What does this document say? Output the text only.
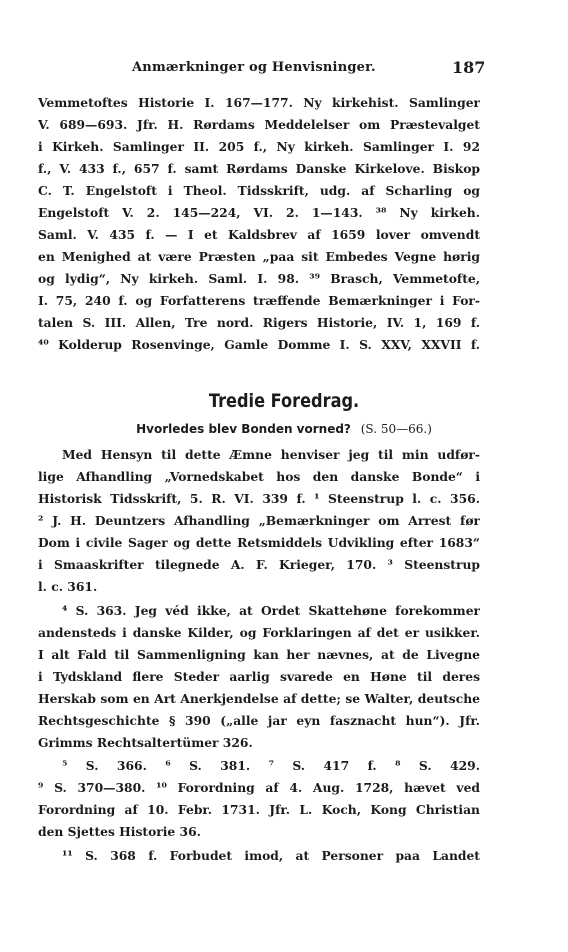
Anmærkninger og Henvisninger.	187
Vemmetoftes Historie I. 167—177. Ny kirkehist. Samlinger
V. 689—693. Jfr. H. Rørdams Meddelelser om Præstevalget
i Kirkeh. Samlinger II. 205 f., Ny kirkeh. Samlinger I. 92
f., V. 433 f., 657 f. samt Rørdams Danske Kirkelove. Biskop
C. T. Engelstoft i Theol. Tidsskrift, udg. af Scharling og
Engelstoft V. 2. 145—224, VI. 2. 1—143. ³⁸ Ny kirkeh.
Saml. V. 435 f. — I et Kaldsbrev af 1659 lover omvendt
en Menighed at være Præsten „paa sit Embedes Vegne hørig
og lydig“, Ny kirkeh. Saml. I. 98. ³⁹ Brasch, Vemmetofte,
I. 75, 240 f. og Forfatterens træffende Bemærkninger i For-
talen S. III. Allen, Tre nord. Rigers Historie, IV. 1, 169 f.
⁴⁰ Kolderup Rosenvinge, Gamle Domme I. S. XXV, XXVII f.
Tredie Foredrag.
Hvorledes blev Bonden vorned? (S. 50—66.)
Med Hensyn til dette Æmne henviser jeg til min udfør-
lige Afhandling „Vornedskabet hos den danske Bonde“ i
Historisk Tidsskrift, 5. R. VI. 339 f. ¹ Steenstrup l. c. 356.
² J. H. Deuntzers Afhandling „Bemærkninger om Arrest før
Dom i civile Sager og dette Retsmiddels Udvikling efter 1683“
i Smaaskrifter tilegnede A. F. Krieger, 170. ³ Steenstrup
l. c. 361.
⁴ S. 363. Jeg véd ikke, at Ordet Skattehøne forekommer
andensteds i danske Kilder, og Forklaringen af det er usikker.
I alt Fald til Sammenligning kan her nævnes, at de Livegne
i Tydskland flere Steder aarlig svarede en Høne til deres
Herskab som en Art Anerkjendelse af dette; se Walter, deutsche
Rechtsgeschichte § 390 („alle jar eyn fasznacht hun“). Jfr.
Grimms Rechtsaltertümer 326.
⁵ S. 366. ⁶ S. 381. ⁷ S. 417 f. ⁸ S. 429.
⁹ S. 370—380. ¹⁰ Forordning af 4. Aug. 1728, hævet ved
Forordning af 10. Febr. 1731. Jfr. L. Koch, Kong Christian
den Sjettes Historie 36.
¹¹ S. 368 f. Forbudet imod, at Personer paa Landet
